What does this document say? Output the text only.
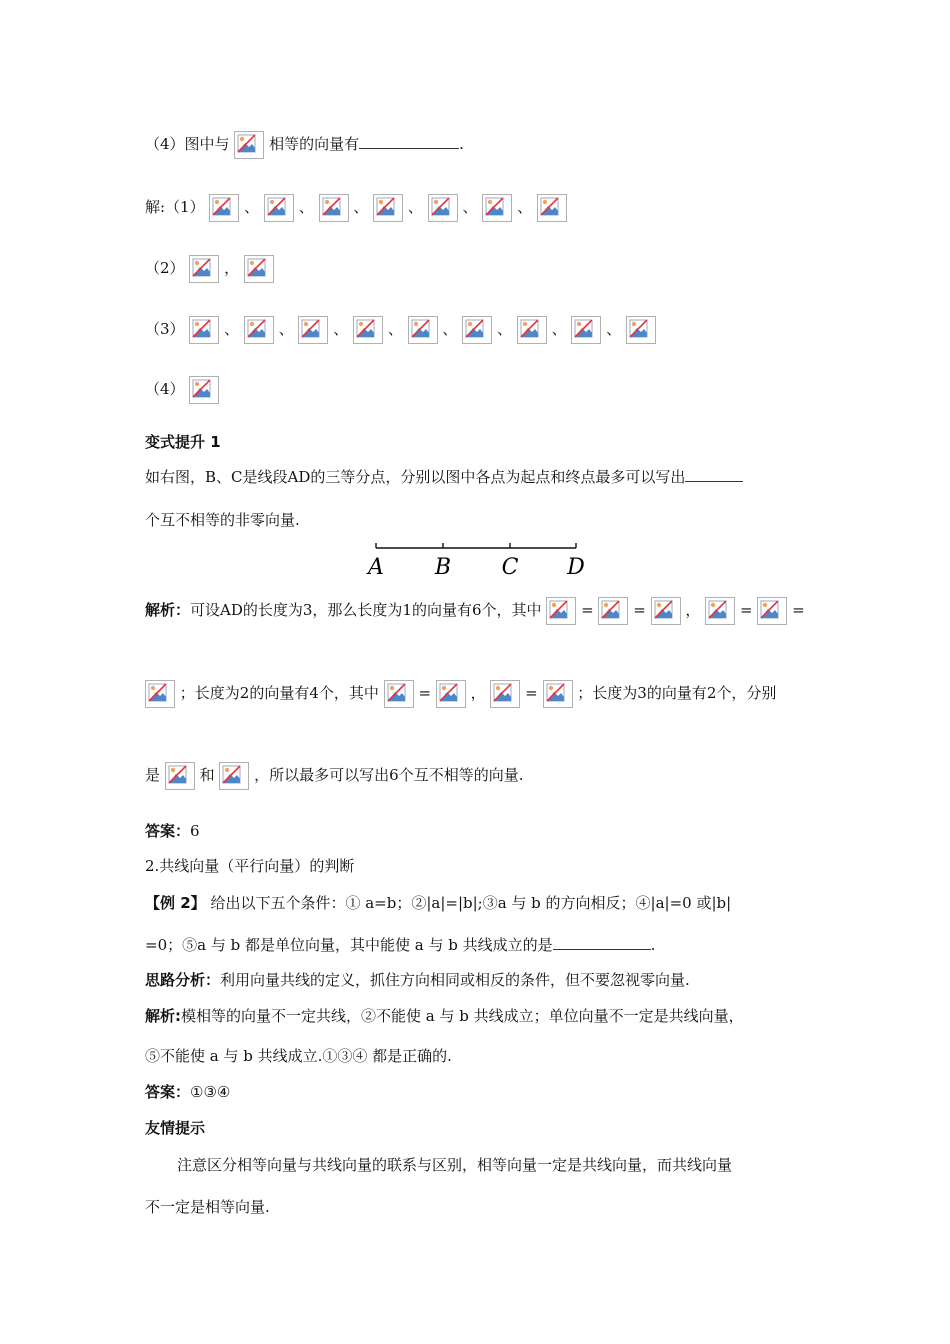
（4）图中与	相等的向量有	.
解:（1）	、	、	、	、	、	、
（2）	，
（3）	、	、	、	、	、	、	、	、
（4）
变式提升 1
如右图，B、C是线段AD的三等分点，分别以图中各点为起点和终点最多可以写出
个互不相等的非零向量.
A B C D
解析：可设AD的长度为3，那么长度为1的向量有6个，其中	=	=	，	=	=
；长度为2的向量有4个，其中	=	，	=	；长度为3的向量有2个，分别
是	和	，所以最多可以写出6个互不相等的向量.
答案：6
2.共线向量（平行向量）的判断
【例 2】 给出以下五个条件：① a=b；②|a|=|b|;③a 与 b 的方向相反；④|a|=0 或|b|
=0；⑤a 与 b 都是单位向量，其中能使 a 与 b 共线成立的是	.
思路分析：利用向量共线的定义，抓住方向相同或相反的条件，但不要忽视零向量.
解析:模相等的向量不一定共线，②不能使 a 与 b 共线成立；单位向量不一定是共线向量，
⑤不能使 a 与 b 共线成立.①③④ 都是正确的.
答案：①③④
友情提示
注意区分相等向量与共线向量的联系与区别，相等向量一定是共线向量，而共线向量
不一定是相等向量.
